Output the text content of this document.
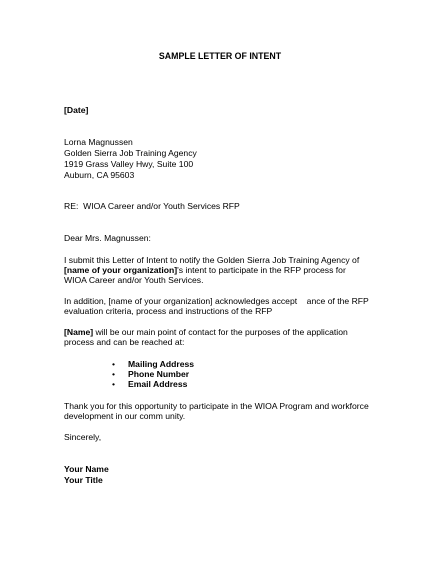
SAMPLE LETTER OF INTENT
[Date]
Lorna Magnussen
Golden Sierra Job Training Agency
1919 Grass Valley Hwy, Suite 100
Auburn, CA 95603
RE:  WIOA Career and/or Youth Services RFP
Dear Mrs. Magnussen:
I submit this Letter of Intent to notify the Golden Sierra Job Training Agency of
[name of your organization]'s intent to participate in the RFP process for
WIOA Career and/or Youth Services.
In addition, [name of your organization] acknowledges accept    ance of the RFP
evaluation criteria, process and instructions of the RFP
[Name] will be our main point of contact for the purposes of the application
process and can be reached at:
• Mailing Address
• Phone Number
• Email Address
Thank you for this opportunity to participate in the WIOA Program and workforce
development in our comm unity.
Sincerely,
Your Name
Your Title
